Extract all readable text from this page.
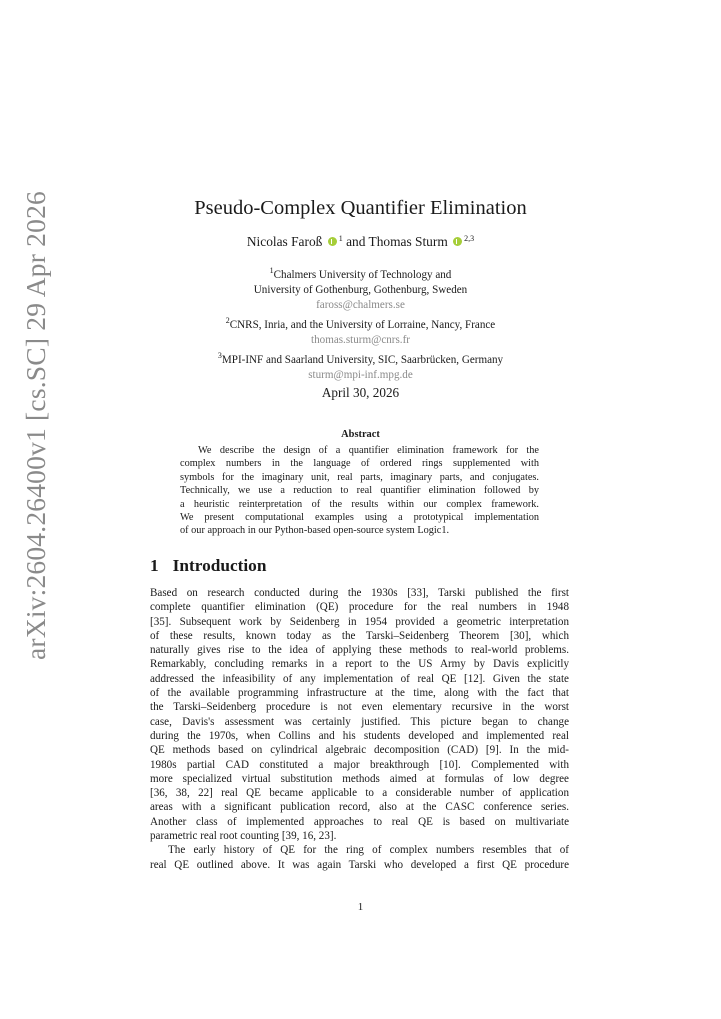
arXiv:2604.26400v1 [cs.SC] 29 Apr 2026	Pseudo-Complex Quantifier Elimination
Nicolas Faroß $^1$ and Thomas Sturm $^{2,3}$
$^1$Chalmers University of Technology and
University of Gothenburg, Gothenburg, Sweden
faross@chalmers.se
$^2$CNRS, Inria, and the University of Lorraine, Nancy, France
thomas.sturm@cnrs.fr
$^3$MPI-INF and Saarland University, SIC, Saarbrücken, Germany
sturm@mpi-inf.mpg.de
April 30, 2026
Abstract
We describe the design of a quantifier elimination framework for the
complex numbers in the language of ordered rings supplemented with
symbols for the imaginary unit, real parts, imaginary parts, and conjugates.
Technically, we use a reduction to real quantifier elimination followed by
a heuristic reinterpretation of the results within our complex framework.
We present computational examples using a prototypical implementation
of our approach in our Python-based open-source system Logic1.
1 Introduction
Based on research conducted during the 1930s [33], Tarski published the first
complete quantifier elimination (QE) procedure for the real numbers in 1948
[35]. Subsequent work by Seidenberg in 1954 provided a geometric interpretation
of these results, known today as the Tarski–Seidenberg Theorem [30], which
naturally gives rise to the idea of applying these methods to real-world problems.
Remarkably, concluding remarks in a report to the US Army by Davis explicitly
addressed the infeasibility of any implementation of real QE [12]. Given the state
of the available programming infrastructure at the time, along with the fact that
the Tarski–Seidenberg procedure is not even elementary recursive in the worst
case, Davis's assessment was certainly justified. This picture began to change
during the 1970s, when Collins and his students developed and implemented real
QE methods based on cylindrical algebraic decomposition (CAD) [9]. In the mid-
1980s partial CAD constituted a major breakthrough [10]. Complemented with
more specialized virtual substitution methods aimed at formulas of low degree
[36, 38, 22] real QE became applicable to a considerable number of application
areas with a significant publication record, also at the CASC conference series.
Another class of implemented approaches to real QE is based on multivariate
parametric real root counting [39, 16, 23].
The early history of QE for the ring of complex numbers resembles that of
real QE outlined above. It was again Tarski who developed a first QE procedure
1
